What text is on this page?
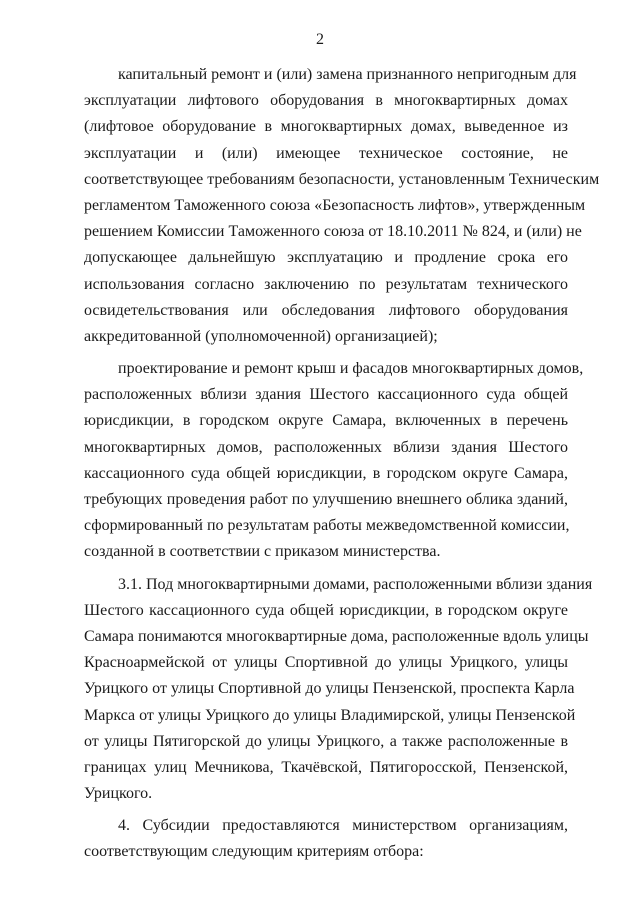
2
капитальный ремонт и (или) замена признанного непригодным для
эксплуатации лифтового оборудования в многоквартирных домах
(лифтовое оборудование в многоквартирных домах, выведенное из
эксплуатации и (или) имеющее техническое состояние, не
соответствующее требованиям безопасности, установленным Техническим
регламентом Таможенного союза «Безопасность лифтов», утвержденным
решением Комиссии Таможенного союза от 18.10.2011 № 824, и (или) не
допускающее дальнейшую эксплуатацию и продление срока его
использования согласно заключению по результатам технического
освидетельствования или обследования лифтового оборудования
аккредитованной (уполномоченной) организацией);
проектирование и ремонт крыш и фасадов многоквартирных домов,
расположенных вблизи здания Шестого кассационного суда общей
юрисдикции, в городском округе Самара, включенных в перечень
многоквартирных домов, расположенных вблизи здания Шестого
кассационного суда общей юрисдикции, в городском округе Самара,
требующих проведения работ по улучшению внешнего облика зданий,
сформированный по результатам работы межведомственной комиссии,
созданной в соответствии с приказом министерства.
3.1. Под многоквартирными домами, расположенными вблизи здания
Шестого кассационного суда общей юрисдикции, в городском округе
Самара понимаются многоквартирные дома, расположенные вдоль улицы
Красноармейской от улицы Спортивной до улицы Урицкого, улицы
Урицкого от улицы Спортивной до улицы Пензенской, проспекта Карла
Маркса от улицы Урицкого до улицы Владимирской, улицы Пензенской
от улицы Пятигорской до улицы Урицкого, а также расположенные в
границах улиц Мечникова, Ткачёвской, Пятигоросской, Пензенской,
Урицкого.
4. Субсидии предоставляются министерством организациям,
соответствующим следующим критериям отбора:
